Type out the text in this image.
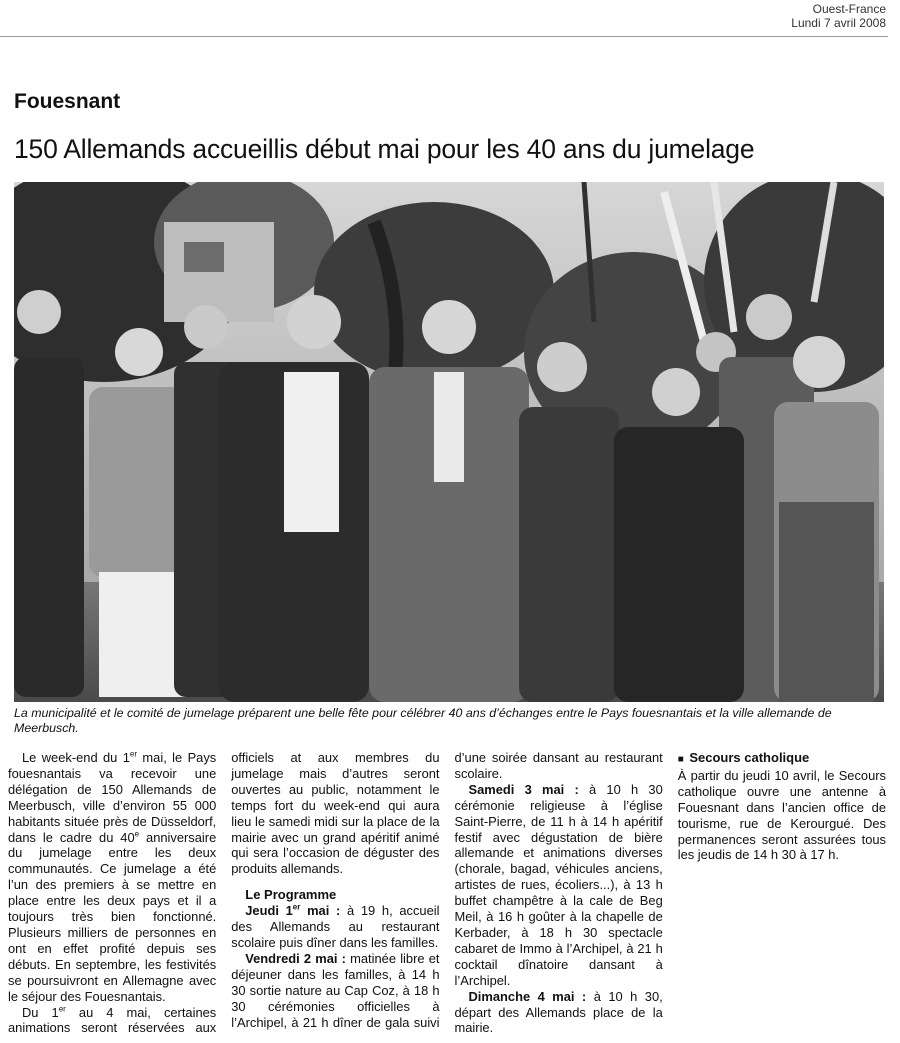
Ouest-France
Lundi 7 avril 2008
Fouesnant
150 Allemands accueillis début mai pour les 40 ans du jumelage
La municipalité et le comité de jumelage préparent une belle fête pour célébrer 40 ans d’échanges entre le Pays fouesnantais et la ville allemande de Meerbusch.

Le week-end du 1er mai, le Pays fouesnantais va recevoir une délégation de 150 Allemands de Meerbusch, ville d’environ 55 000 habitants située près de Düsseldorf, dans le cadre du 40e anniversaire du jumelage entre les deux communautés. Ce jumelage a été l’un des premiers à se mettre en place entre les deux pays et il a toujours très bien fonctionné. Plusieurs milliers de personnes en ont en effet profité depuis ses débuts. En septembre, les festivités se poursuivront en Allemagne avec le séjour des Fouesnantais.

Du 1er au 4 mai, certaines animations seront réservées aux officiels at aux membres du jumelage mais d’autres seront ouvertes au public, notamment le temps fort du week-end qui aura lieu le samedi midi sur la place de la mairie avec un grand apéritif animé qui sera l’occasion de déguster des produits allemands.

Le Programme

Jeudi 1er mai : à 19 h, accueil des Allemands au restaurant scolaire puis dîner dans les familles.

Vendredi 2 mai : matinée libre et déjeuner dans les familles, à 14 h 30 sortie nature au Cap Coz, à 18 h 30 cérémonies officielles à l’Archipel, à 21 h dîner de gala suivi d’une soirée dansant au restaurant scolaire.

Samedi 3 mai : à 10 h 30 cérémonie religieuse à l’église Saint-Pierre, de 11 h à 14 h apéritif festif avec dégustation de bière allemande et animations diverses (chorale, bagad, véhicules anciens, artistes de rues, écoliers...), à 13 h buffet champêtre à la cale de Beg Meil, à 16 h goûter à la chapelle de Kerbader, à 18 h 30 spectacle cabaret de Immo à l’Archipel, à 21 h cocktail dînatoire dansant à l’Archipel.

Dimanche 4 mai : à 10 h 30, départ des Allemands place de la mairie.

■  Secours catholique

À partir du jeudi 10 avril, le Secours catholique ouvre une antenne à Fouesnant dans l’ancien office de tourisme, rue de Kerourgué. Des permanences seront assurées tous les jeudis de 14 h 30 à 17 h.
